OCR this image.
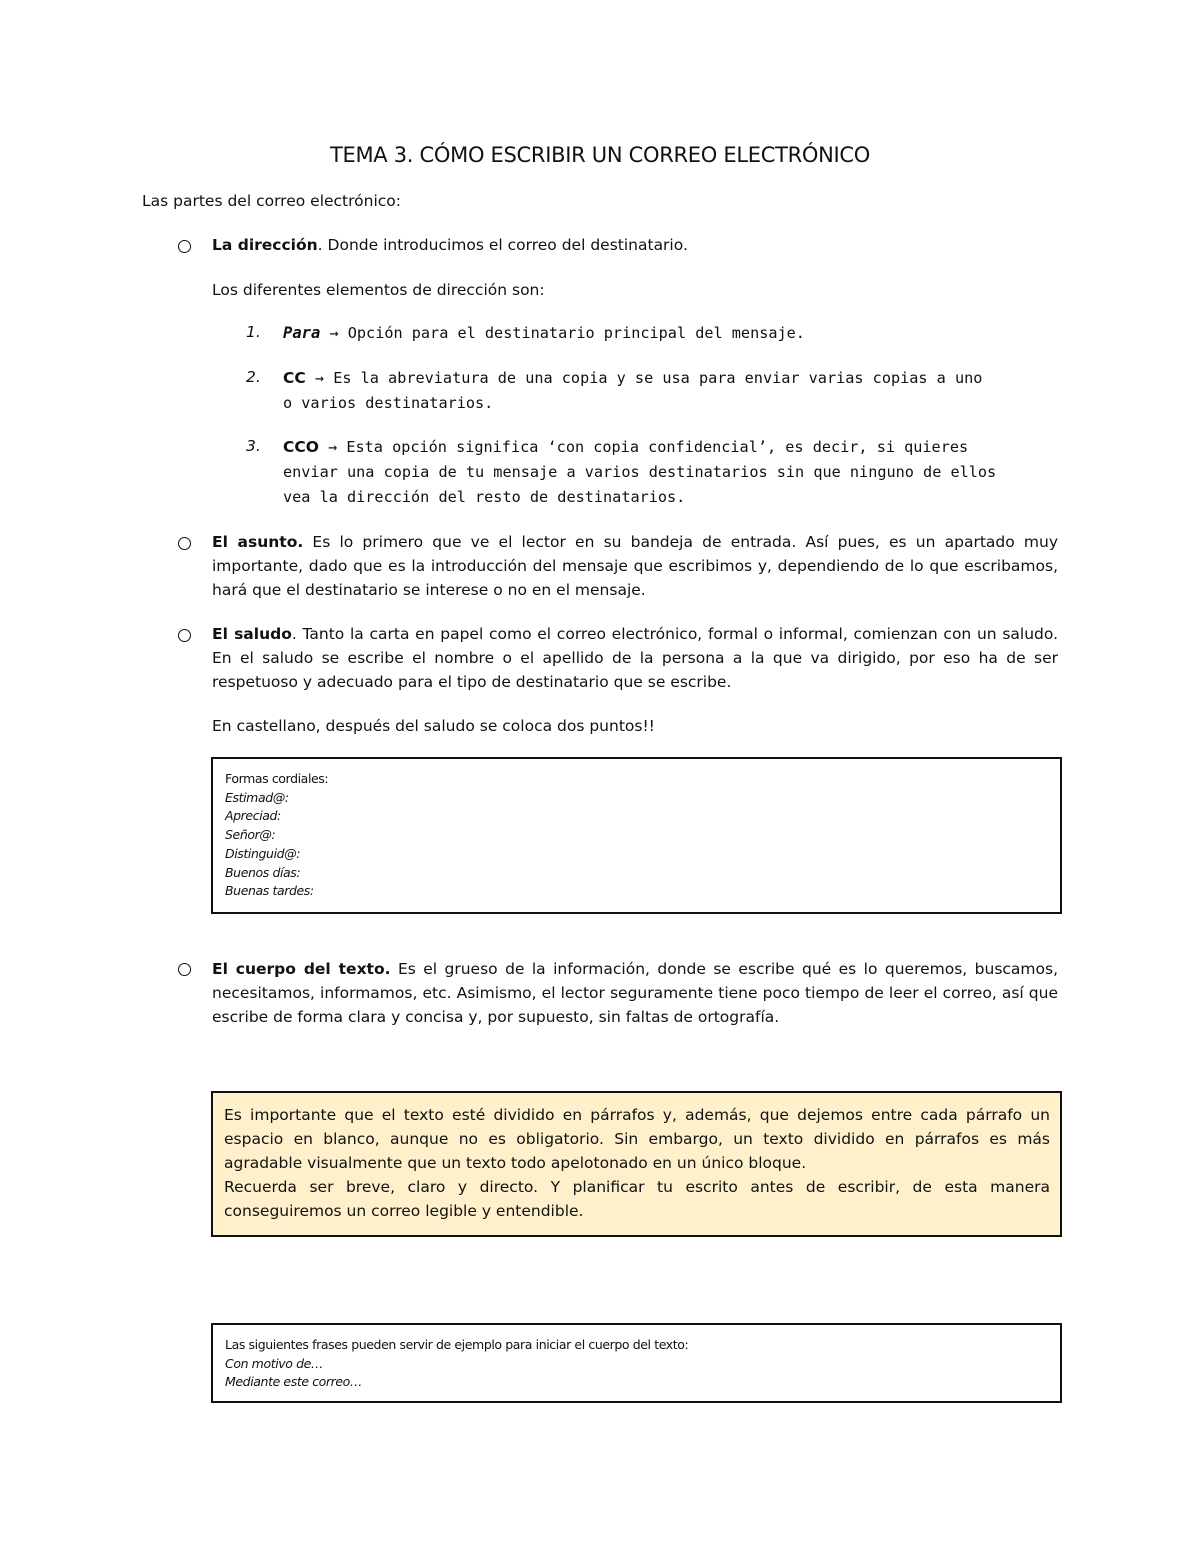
TEMA 3. CÓMO ESCRIBIR UN CORREO ELECTRÓNICO
Las partes del correo electrónico:
La dirección. Donde introducimos el correo del destinatario.
Los diferentes elementos de dirección son:
1. Para → Opción para el destinatario principal del mensaje.
2. CC → Es la abreviatura de una copia y se usa para enviar varias copias a uno
o varios destinatarios.
3. CCO → Esta opción significa ‘con copia confidencial’, es decir, si quieres
enviar una copia de tu mensaje a varios destinatarios sin que ninguno de ellos
vea la dirección del resto de destinatarios.
El asunto. Es lo primero que ve el lector en su bandeja de entrada. Así pues, es un apartado muy importante, dado que es la introducción del mensaje que escribimos y, dependiendo de lo que escribamos, hará que el destinatario se interese o no en el mensaje.
El saludo. Tanto la carta en papel como el correo electrónico, formal o informal, comienzan con un saludo. En el saludo se escribe el nombre o el apellido de la persona a la que va dirigido, por eso ha de ser respetuoso y adecuado para el tipo de destinatario que se escribe.
En castellano, después del saludo se coloca dos puntos!!
Formas cordiales:
Estimad@:
Apreciad:
Señor@:
Distinguid@:
Buenos días:
Buenas tardes:
El cuerpo del texto. Es el grueso de la información, donde se escribe qué es lo queremos, buscamos, necesitamos, informamos, etc. Asimismo, el lector seguramente tiene poco tiempo de leer el correo, así que escribe de forma clara y concisa y, por supuesto, sin faltas de ortografía.
Es importante que el texto esté dividido en párrafos y, además, que dejemos entre cada párrafo un espacio en blanco, aunque no es obligatorio. Sin embargo, un texto dividido en párrafos es más agradable visualmente que un texto todo apelotonado en un único bloque.
Recuerda ser breve, claro y directo. Y planificar tu escrito antes de escribir, de esta manera conseguiremos un correo legible y entendible.
Las siguientes frases pueden servir de ejemplo para iniciar el cuerpo del texto:
Con motivo de…
Mediante este correo…
